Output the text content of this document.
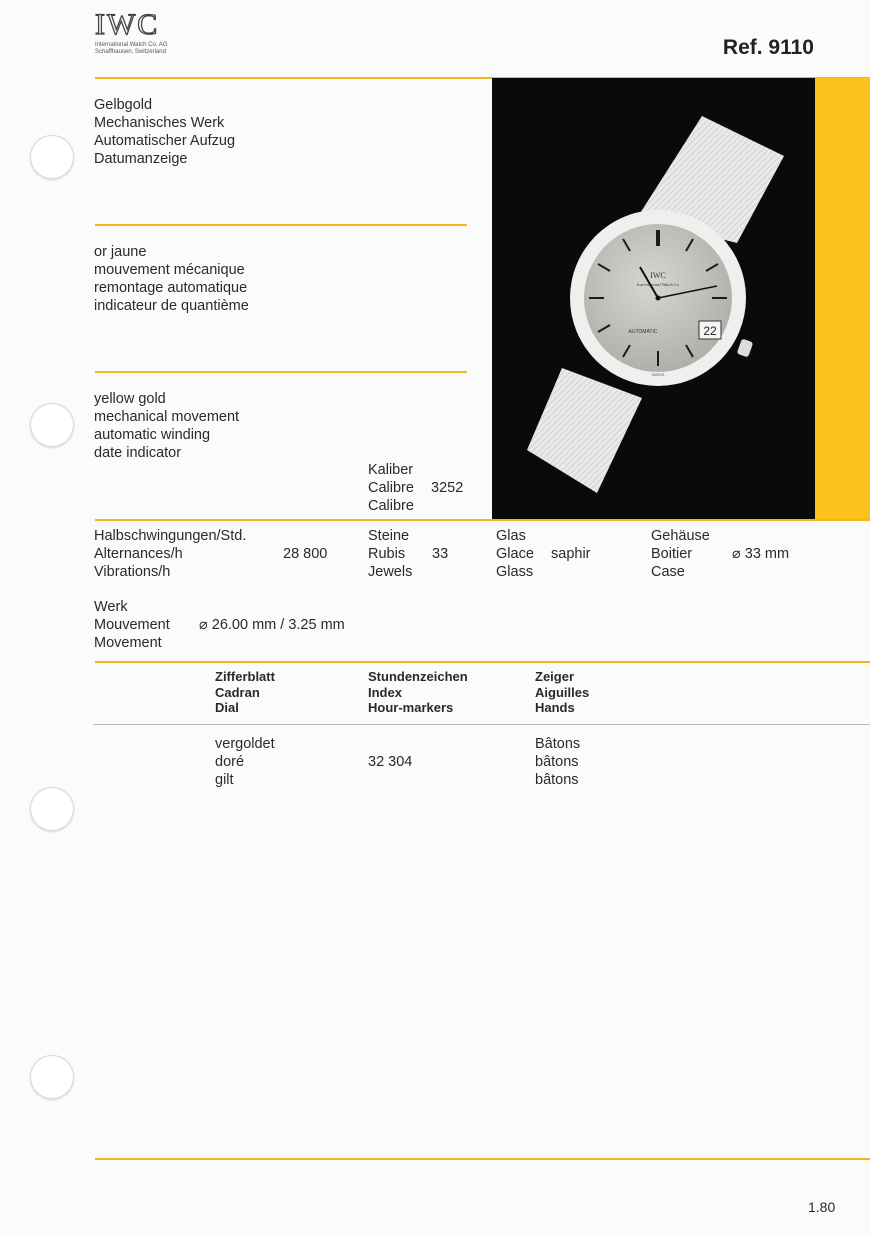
IWC
International Watch Co. AG
Schaffhausen, Switzerland	Ref. 9110
22
IWC
International Watch Co
AUTOMATIC
SWISS
Gelbgold
Mechanisches Werk
Automatischer Aufzug
Datumanzeige
or jaune
mouvement mécanique
remontage automatique
indicateur de quantième
yellow gold
mechanical movement
automatic winding
date indicator
Kaliber
Calibre
Calibre
3252
Halbschwingungen/Std.
Alternances/h
Vibrations/h
28 800
Steine
Rubis
Jewels
33
Glas
Glace
Glass
saphir
Gehäuse
Boitier
Case
⌀ 33 mm
Werk
Mouvement
Movement
⌀ 26.00 mm / 3.25 mm
Zifferblatt
Cadran
Dial
Stundenzeichen
Index
Hour-markers
Zeiger
Aiguilles
Hands
vergoldet
doré
gilt
32 304
Bâtons
bâtons
bâtons
1.80
